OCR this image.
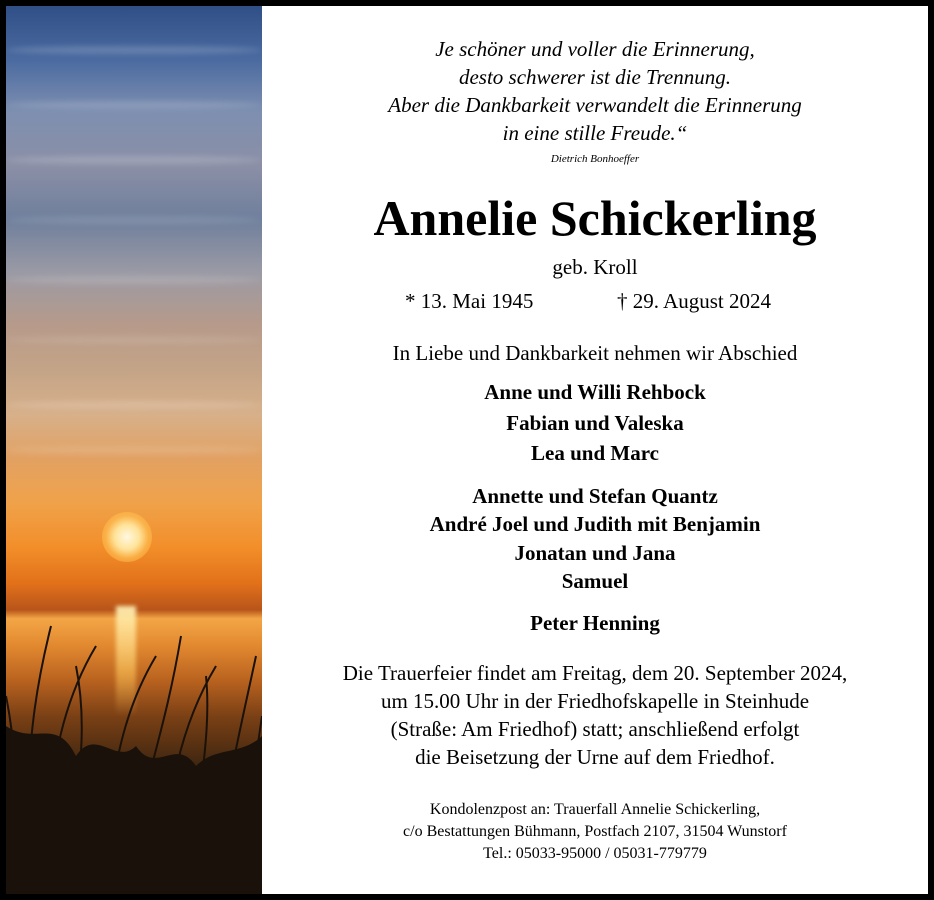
Je schöner und voller die Erinnerung,
desto schwerer ist die Trennung.
Aber die Dankbarkeit verwandelt die Erinnerung
in eine stille Freude.“
Dietrich Bonhoeffer
Annelie Schickerling
geb. Kroll
* 13. Mai 1945	† 29. August 2024
In Liebe und Dankbarkeit nehmen wir Abschied
Anne und Willi Rehbock
Fabian und Valeska
Lea und Marc
Annette und Stefan Quantz
André Joel und Judith mit Benjamin
Jonatan und Jana
Samuel
Peter Henning
Die Trauerfeier findet am Freitag, dem 20. September 2024,
um 15.00 Uhr in der Friedhofskapelle in Steinhude
(Straße: Am Friedhof) statt; anschließend erfolgt
die Beisetzung der Urne auf dem Friedhof.
Kondolenzpost an: Trauerfall Annelie Schickerling,
c/o Bestattungen Bühmann, Postfach 2107, 31504 Wunstorf
Tel.: 05033-95000 / 05031-779779
